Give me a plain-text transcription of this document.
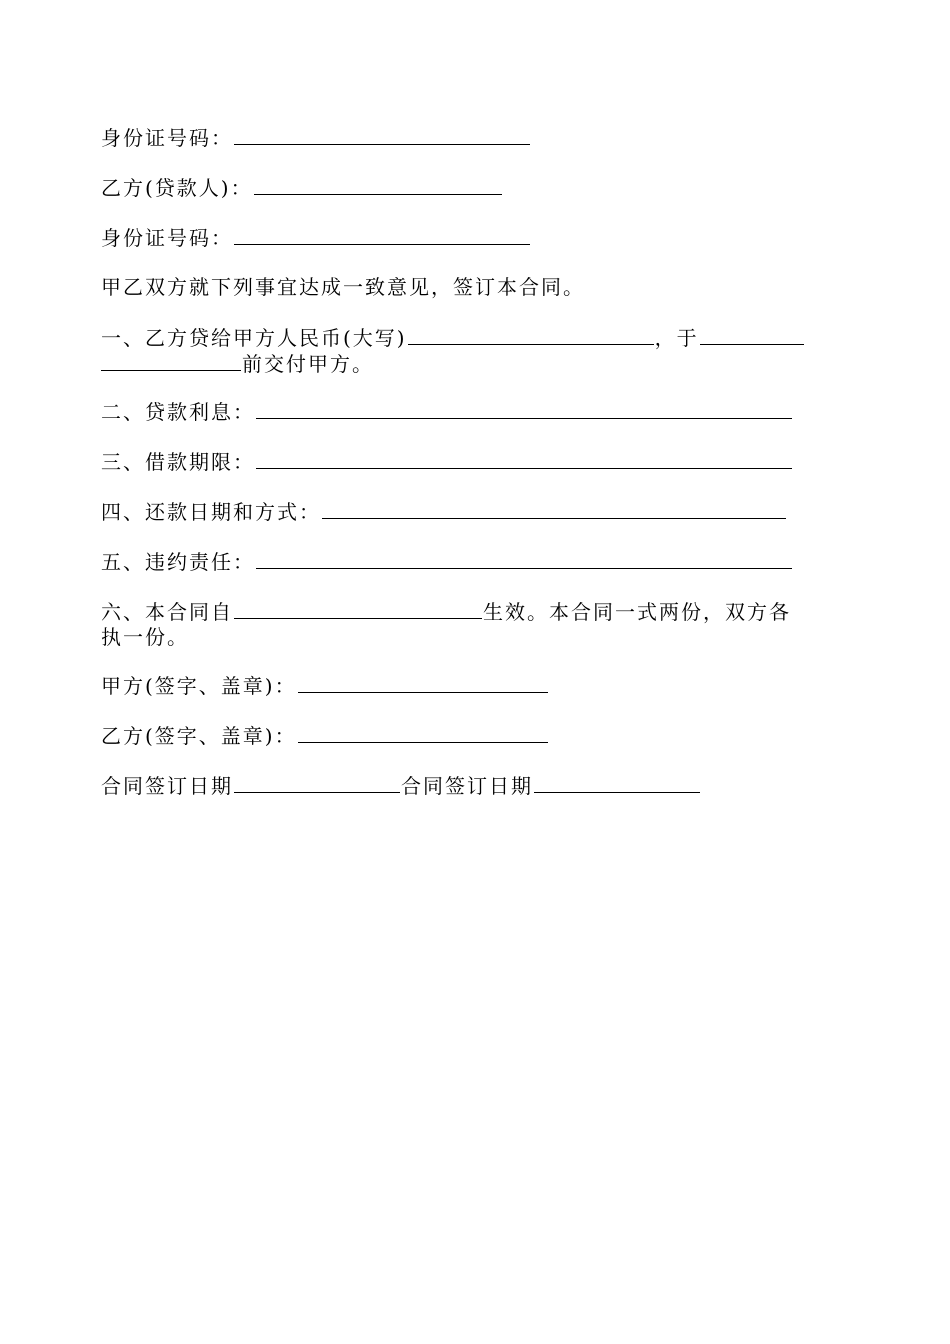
身份证号码：
乙方(贷款人)：
身份证号码：
甲乙双方就下列事宜达成一致意见，签订本合同。
一、乙方贷给甲方人民币(大写)	，于
前交付甲方。
二、贷款利息：
三、借款期限：
四、还款日期和方式：
五、违约责任：
六、本合同自	生效。本合同一式两份，双方各
执一份。
甲方(签字、盖章)：
乙方(签字、盖章)：
合同签订日期	合同签订日期
